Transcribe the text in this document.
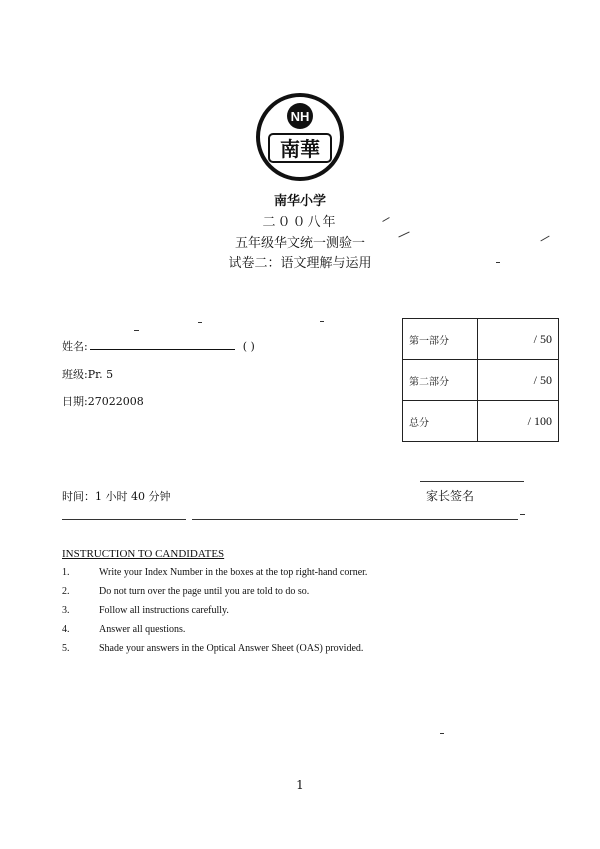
NH
南華
南华小学
二００八年
五年级华文统一测验一
试卷二：语文理解与运用
姓名:	( )
班级:Pr. 5
日期:27022008
第一部分	/ 50
第二部分	/ 50
总分	/ 100
时间：1 小时 40 分钟	家长签名
INSTRUCTION TO CANDIDATES
1.	Write your Index Number in the boxes at the top right-hand corner.
2.	Do not turn over the page until you are told to do so.
3.	Follow all instructions carefully.
4.	Answer all questions.
5.	Shade your answers in the Optical Answer Sheet (OAS) provided.
1
